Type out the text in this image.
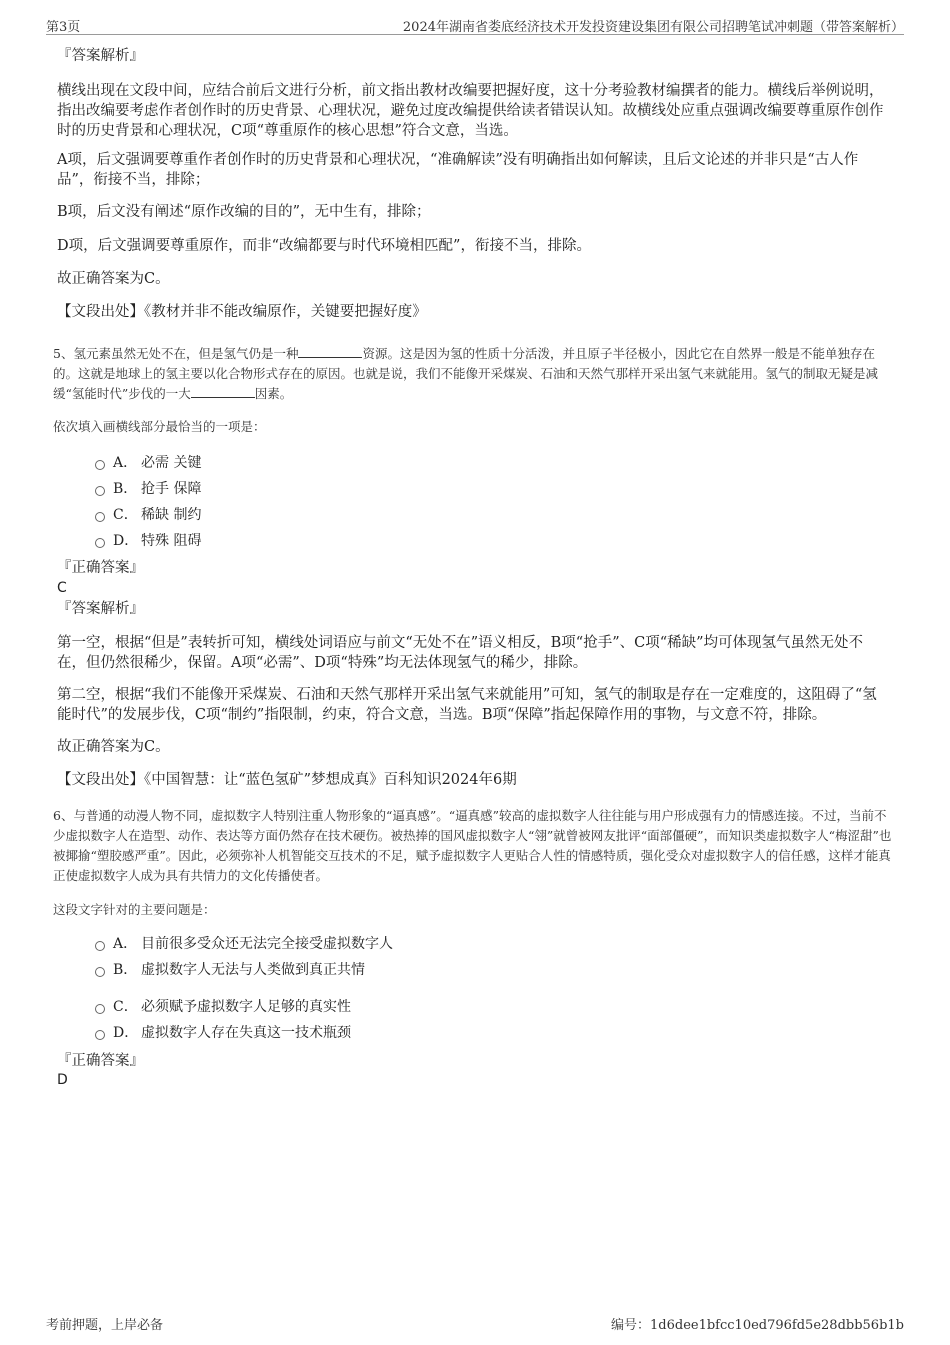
第3页	2024年湖南省娄底经济技术开发投资建设集团有限公司招聘笔试冲刺题（带答案解析）
『答案解析』

横线出现在文段中间，应结合前后文进行分析，前文指出教材改编要把握好度，这十分考验教材编撰者的能力。横线后举例说明，指出改编要考虑作者创作时的历史背景、心理状况，避免过度改编提供给读者错误认知。故横线处应重点强调改编要尊重原作创作时的历史背景和心理状况，C项“尊重原作的核心思想”符合文意，当选。

A项，后文强调要尊重作者创作时的历史背景和心理状况，“准确解读”没有明确指出如何解读，且后文论述的并非只是“古人作品”，衔接不当，排除；

B项，后文没有阐述“原作改编的目的”，无中生有，排除；

D项，后文强调要尊重原作，而非“改编都要与时代环境相匹配”，衔接不当，排除。

故正确答案为C。

【文段出处】《教材并非不能改编原作，关键要把握好度》

5、氢元素虽然无处不在，但是氢气仍是一种	资源。这是因为氢的性质十分活泼，并且原子半径极小，因此它在自然界一般是不能单独存在的。这就是地球上的氢主要以化合物形式存在的原因。也就是说，我们不能像开采煤炭、石油和天然气那样开采出氢气来就能用。氢气的制取无疑是减缓“氢能时代”步伐的一大	因素。

依次填入画横线部分最恰当的一项是：

A． 必需 关键
B． 抢手 保障
C． 稀缺 制约
D． 特殊 阻碍
『正确答案』
C
『答案解析』

第一空，根据“但是”表转折可知，横线处词语应与前文“无处不在”语义相反，B项“抢手”、C项“稀缺”均可体现氢气虽然无处不在，但仍然很稀少，保留。A项“必需”、D项“特殊”均无法体现氢气的稀少，排除。

第二空，根据“我们不能像开采煤炭、石油和天然气那样开采出氢气来就能用”可知，氢气的制取是存在一定难度的，这阻碍了“氢能时代”的发展步伐，C项“制约”指限制，约束，符合文意，当选。B项“保障”指起保障作用的事物，与文意不符，排除。

故正确答案为C。

【文段出处】《中国智慧：让“蓝色氢矿”梦想成真》百科知识2024年6期

6、与普通的动漫人物不同，虚拟数字人特别注重人物形象的“逼真感”。“逼真感”较高的虚拟数字人往往能与用户形成强有力的情感连接。不过，当前不少虚拟数字人在造型、动作、表达等方面仍然存在技术硬伤。被热捧的国风虚拟数字人“翎”就曾被网友批评“面部僵硬”，而知识类虚拟数字人“梅涩甜”也被揶揄“塑胶感严重”。因此，必须弥补人机智能交互技术的不足，赋予虚拟数字人更贴合人性的情感特质，强化受众对虚拟数字人的信任感，这样才能真正使虚拟数字人成为具有共情力的文化传播使者。

这段文字针对的主要问题是：

A． 目前很多受众还无法完全接受虚拟数字人
B． 虚拟数字人无法与人类做到真正共情
C． 必须赋予虚拟数字人足够的真实性
D． 虚拟数字人存在失真这一技术瓶颈
『正确答案』
D
考前押题，上岸必备	编号：1d6dee1bfcc10ed796fd5e28dbb56b1b
